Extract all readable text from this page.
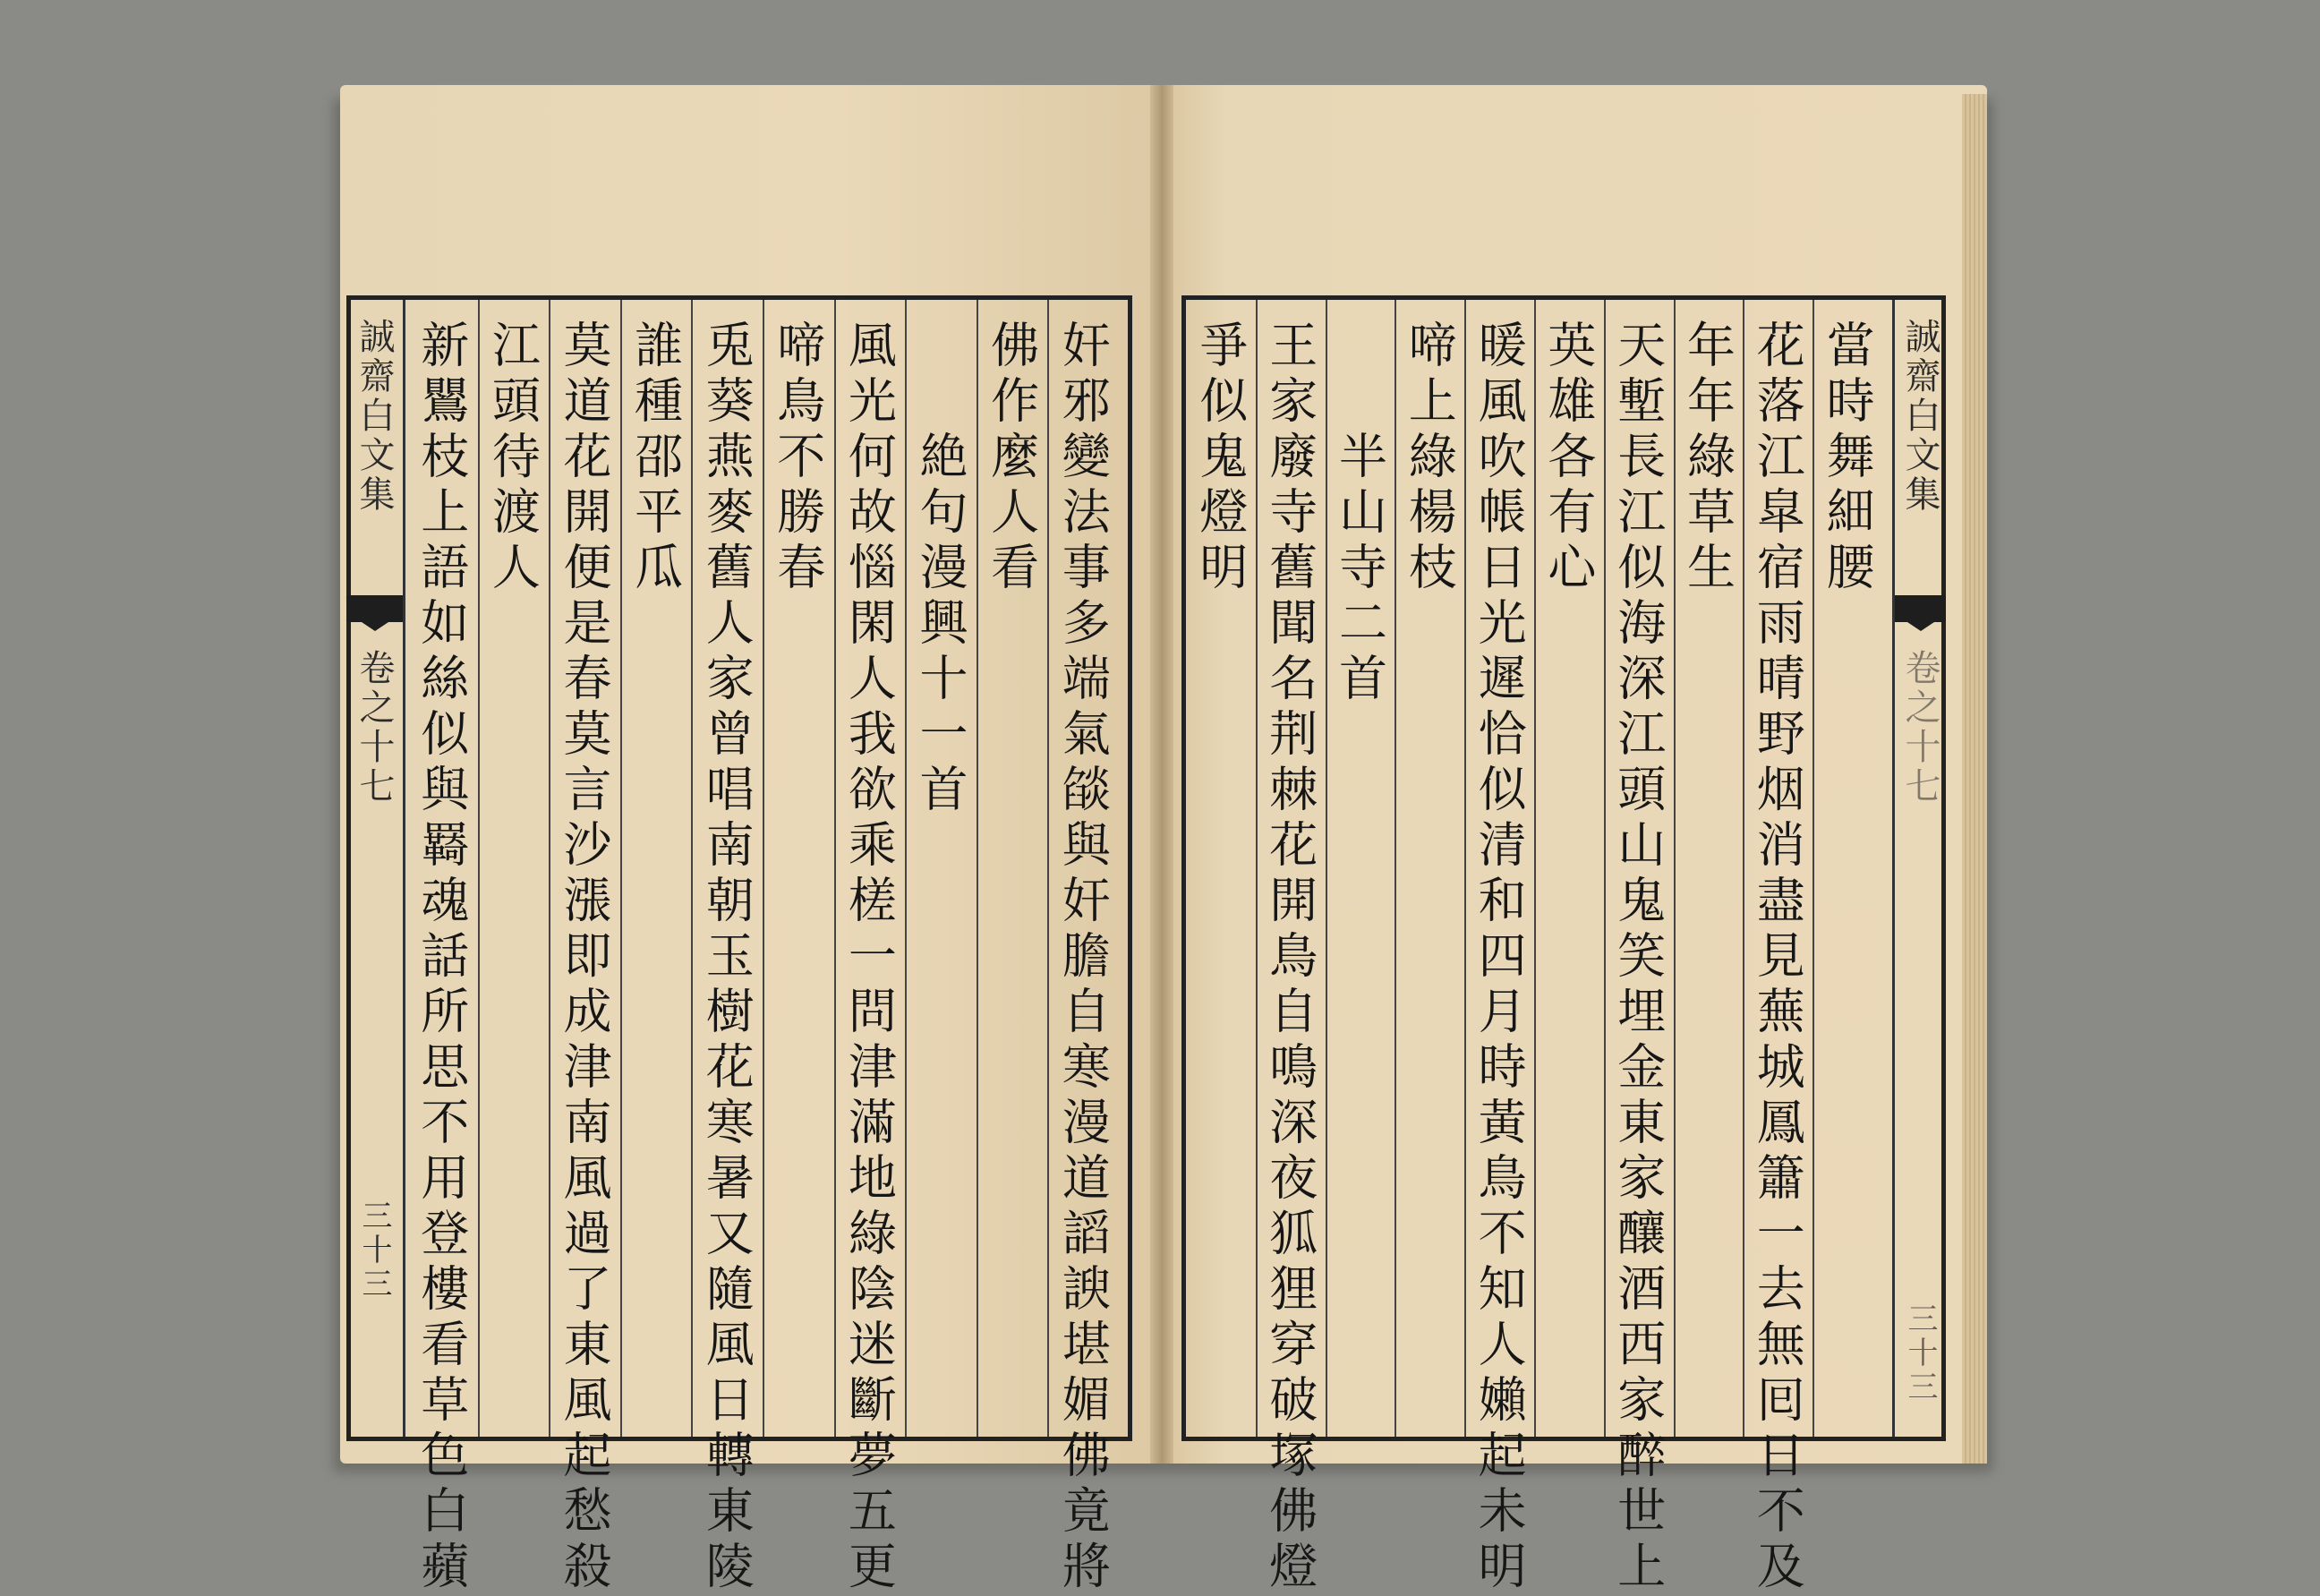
誠齋白文集
卷之十七
三十三	奸邪變法事多端氣燄與奸膽自寒漫道謟諛堪媚佛竟將
佛作麼人看
絶句漫興十一首
風光何故惱閑人我欲乘槎一問津滿地綠陰迷斷夢五更
啼鳥不勝春
兎葵燕麥舊人家曾唱南朝玉樹花寒暑又隨風日轉東陵
誰種邵平瓜
莫道花開便是春莫言沙漲即成津南風過了東風起愁殺
江頭待渡人
新鸎枝上語如絲似與羇魂話所思不用登樓看草色白蘋	誠齋白文集
卷之十七
三十三
當時舞細腰
花落江皐宿雨晴野烟消盡見蕪城鳳簫一去無囘日不及
年年綠草生
天塹長江似海深江頭山鬼笑埋金東家釀酒西家醉世上
英雄各有心
暖風吹帳日光遲恰似清和四月時黃鳥不知人嬾起未明
啼上綠楊枝
半山寺二首
王家廢寺舊聞名荆棘花開鳥自鳴深夜狐狸穿破塚佛燈
爭似鬼燈明
